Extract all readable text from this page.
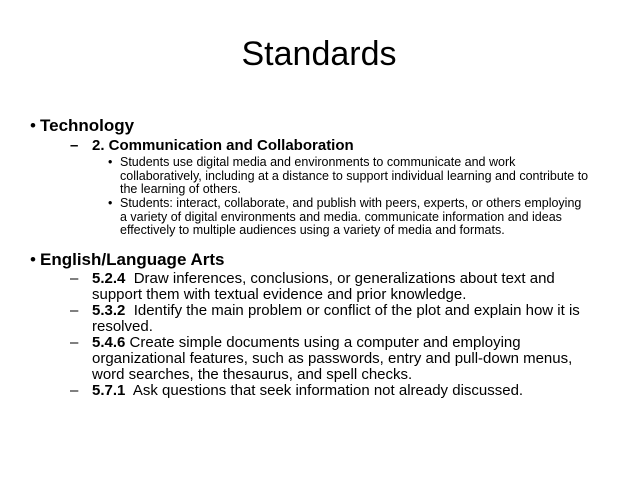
Standards
• Technology
– 2. Communication and Collaboration
• Students use digital media and environments to communicate and work collaboratively, including at a distance to support individual learning and contribute to the learning of others.
• Students: interact, collaborate, and publish with peers, experts, or others employing a variety of digital environments and media. communicate information and ideas effectively to multiple audiences using a variety of media and formats.
• English/Language Arts
– 5.2.4  Draw inferences, conclusions, or generalizations about text and support them with textual evidence and prior knowledge.
– 5.3.2  Identify the main problem or conflict of the plot and explain how it is resolved.
– 5.4.6 Create simple documents using a computer and employing organizational features, such as passwords, entry and pull-down menus, word searches, the thesaurus, and spell checks.
– 5.7.1  Ask questions that seek information not already discussed.
